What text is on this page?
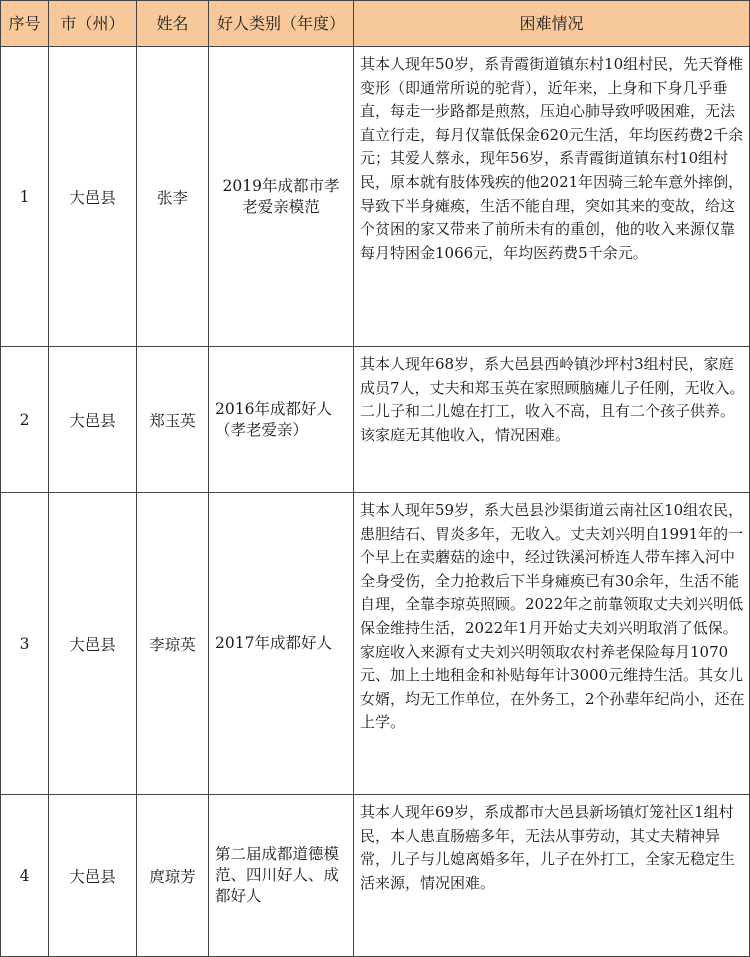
序号	市（州）	姓名	好人类别（年度）	困难情况
1	大邑县	张李	2019年成都市孝老爱亲模范	其本人现年50岁，系青霞街道镇东村10组村民，先天脊椎变形（即通常所说的驼背），近年来，上身和下身几乎垂直，每走一步路都是煎熬，压迫心肺导致呼吸困难，无法直立行走，每月仅靠低保金620元生活，年均医药费2千余元；其爱人蔡永，现年56岁，系青霞街道镇东村10组村民，原本就有肢体残疾的他2021年因骑三轮车意外摔倒，导致下半身瘫痪，生活不能自理，突如其来的变故，给这个贫困的家又带来了前所未有的重创，他的收入来源仅靠每月特困金1066元，年均医药费5千余元。
2	大邑县	郑玉英	2016年成都好人（孝老爱亲）	其本人现年68岁，系大邑县西岭镇沙坪村3组村民，家庭成员7人，丈夫和郑玉英在家照顾脑瘫儿子任刚，无收入。二儿子和二儿媳在打工，收入不高，且有二个孩子供养。该家庭无其他收入，情况困难。
3	大邑县	李琼英	2017年成都好人	其本人现年59岁，系大邑县沙渠街道云南社区10组农民，患胆结石、胃炎多年，无收入。丈夫刘兴明自1991年的一个早上在卖蘑菇的途中，经过铁溪河桥连人带车摔入河中全身受伤，全力抢救后下半身瘫痪已有30余年，生活不能自理，全靠李琼英照顾。2022年之前靠领取丈夫刘兴明低保金维持生活，2022年1月开始丈夫刘兴明取消了低保。家庭收入来源有丈夫刘兴明领取农村养老保险每月1070元、加上土地租金和补贴每年计3000元维持生活。其女儿女婿，均无工作单位，在外务工，2个孙辈年纪尚小，还在上学。
4	大邑县	庹琼芳	第二届成都道德模范、四川好人、成都好人	其本人现年69岁，系成都市大邑县新场镇灯笼社区1组村民，本人患直肠癌多年，无法从事劳动，其丈夫精神异常，儿子与儿媳离婚多年，儿子在外打工，全家无稳定生活来源，情况困难。
